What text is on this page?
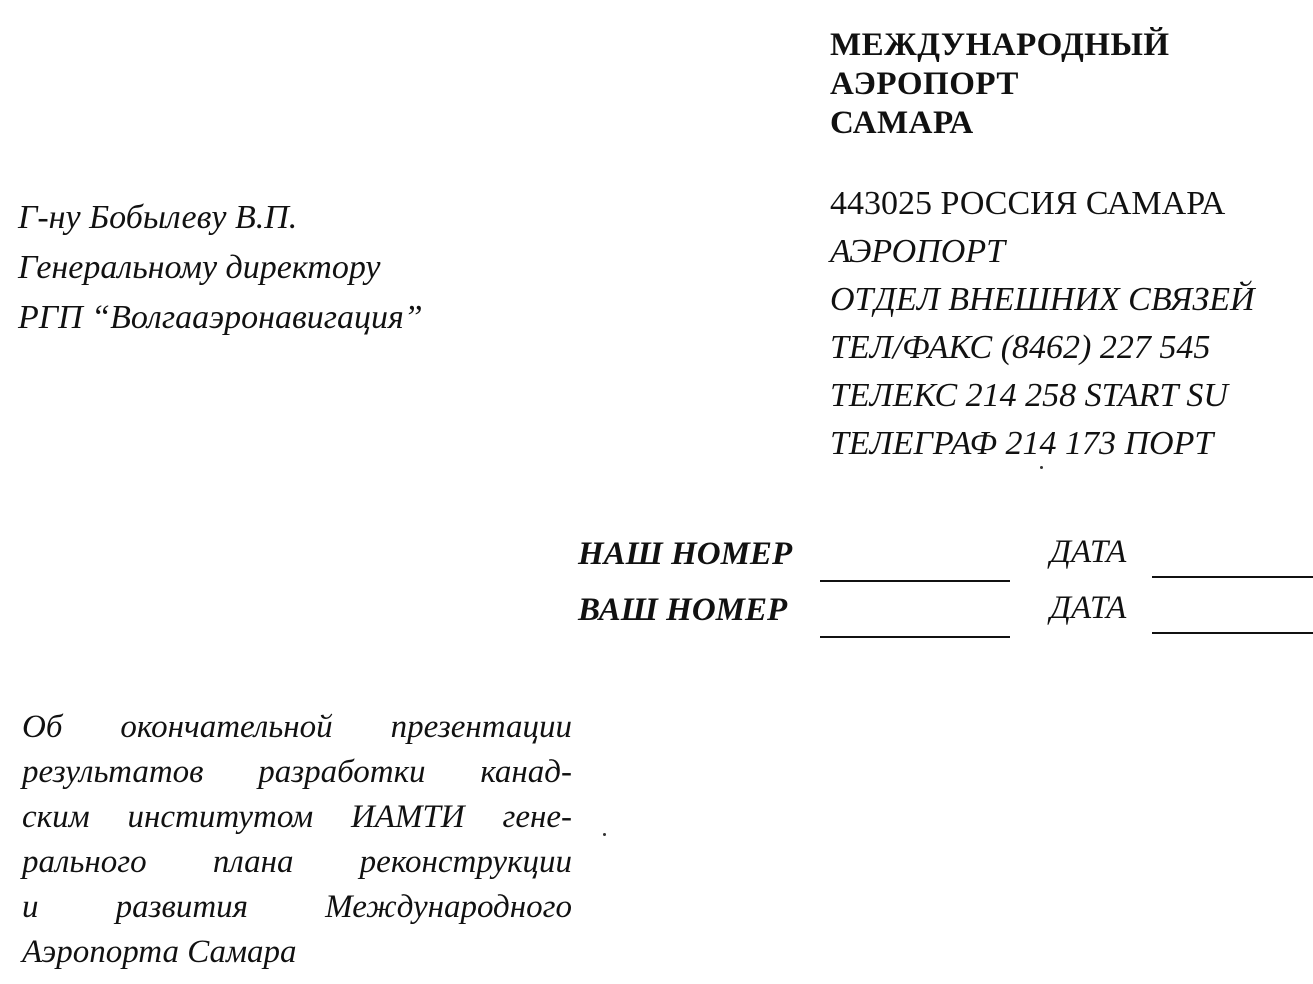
МЕЖДУНАРОДНЫЙ
АЭРОПОРТ
САМАРА
443025 РОССИЯ САМАРА
АЭРОПОРТ
ОТДЕЛ ВНЕШНИХ СВЯЗЕЙ
ТЕЛ/ФАКС (8462) 227 545
ТЕЛЕКС 214 258 START SU
ТЕЛЕГРАФ 214 173 ПОРТ
Г-ну Бобылеву В.П.
Генеральному директору
РГП “Волгааэронавигация”
НАШ НОМЕР	ДАТА
ВАШ НОМЕР	ДАТА
Об окончательной презентации
результатов разработки канад-
ским институтом ИАМТИ гене-
рального плана реконструкции
и развития Международного
Аэропорта Самара
